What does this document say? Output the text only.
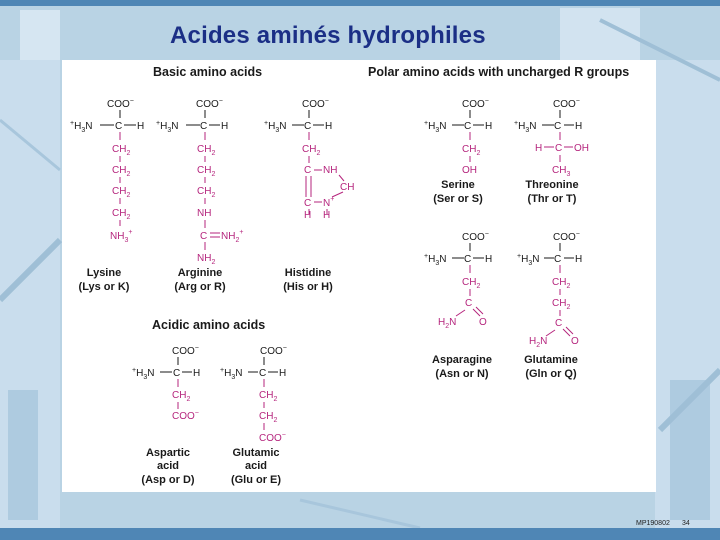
Acides aminés hydrophiles
Basic amino acids	Polar amino acids with uncharged R groups
Acidic amino acids
COO−
$^+H_3N$ C H
$CH_2$
$CH_2$
$CH_2$
$CH_2$
$NH_3^+$
Lysine
(Lys or K)
COO−
$^+H_3N$ C H
$CH_2$
$CH_2$
$CH_2$
NH
C $NH_2^+$
$NH_2$
Arginine
(Arg or R)
COO−
$^+H_3N$ C H
$CH_2$
C NH
CH
C N+
H H
Histidine
(His or H)
COO−
$^+H_3N$ C H
$CH_2$
OH
Serine
(Ser or S)
COO−
$^+H_3N$ C H
H C OH
$CH_3$
Threonine
(Thr or T)
COO−
$^+H_3N$ C H
$CH_2$
C
$H_2N$ O
Asparagine
(Asn or N)
COO−
$^+H_3N$ C H
$CH_2$
$CH_2$
C
$H_2N$ O
Glutamine
(Gln or Q)
COO−
$^+H_3N$ C H
$CH_2$
COO−
Aspartic
acid
(Asp or D)
COO−
$^+H_3N$ C H
$CH_2$
$CH_2$
COO−
Glutamic
acid
(Glu or E)
MP190802 34
